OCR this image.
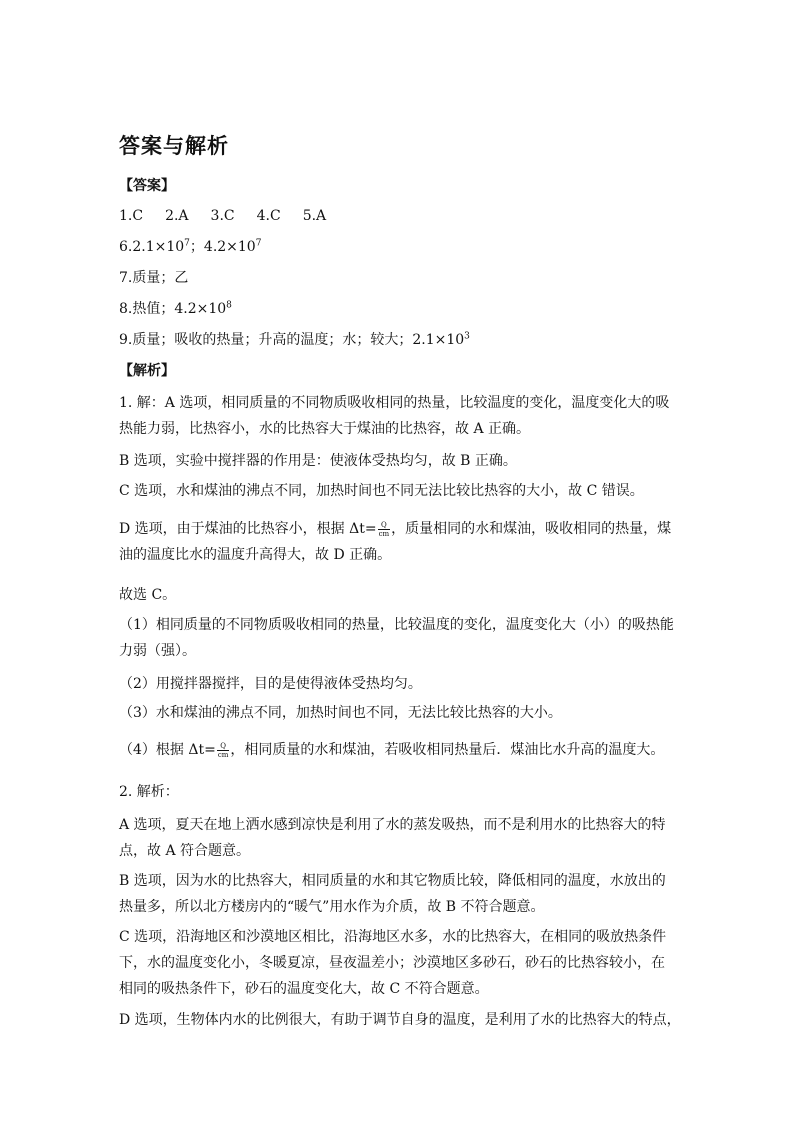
答案与解析
【答案】
1.C 2.A 3.C 4.C 5.A
$6.2.1\times 10^7$；$4.2\times 10^7$
7.质量；乙
8.热值；$4.2\times 10^8$
9.质量；吸收的热量；升高的温度；水；较大；$2.1\times 10^3$
【解析】
1. 解：A 选项，相同质量的不同物质吸收相同的热量，比较温度的变化，温度变化大的吸热能力弱，比热容小，水的比热容大于煤油的比热容，故 A 正确。
B 选项，实验中搅拌器的作用是：使液体受热均匀，故 B 正确。
C 选项，水和煤油的沸点不同，加热时间也不同无法比较比热容的大小，故 C 错误。
D 选项，由于煤油的比热容小，根据 $\Delta t= \frac{Q}{cm}$ ，质量相同的水和煤油，吸收相同的热量，煤油的温度比水的温度升高得大，故 D 正确。
故选 C。
（1）相同质量的不同物质吸收相同的热量，比较温度的变化，温度变化大（小）的吸热能力弱（强）。
（2）用搅拌器搅拌，目的是使得液体受热均匀。
（3）水和煤油的沸点不同，加热时间也不同，无法比较比热容的大小。
（4）根据 $\Delta t= \frac{Q}{cm}$ ，相同质量的水和煤油，若吸收相同热量后．煤油比水升高的温度大。
2. 解析：
A 选项，夏天在地上洒水感到凉快是利用了水的蒸发吸热，而不是利用水的比热容大的特点，故 A 符合题意。
B 选项，因为水的比热容大，相同质量的水和其它物质比较，降低相同的温度，水放出的热量多，所以北方楼房内的“暖气”用水作为介质，故 B 不符合题意。
C 选项，沿海地区和沙漠地区相比，沿海地区水多，水的比热容大，在相同的吸放热条件下，水的温度变化小，冬暖夏凉，昼夜温差小；沙漠地区多砂石，砂石的比热容较小，在相同的吸热条件下，砂石的温度变化大，故 C 不符合题意。
D 选项，生物体内水的比例很大，有助于调节自身的温度，是利用了水的比热容大的特点，
